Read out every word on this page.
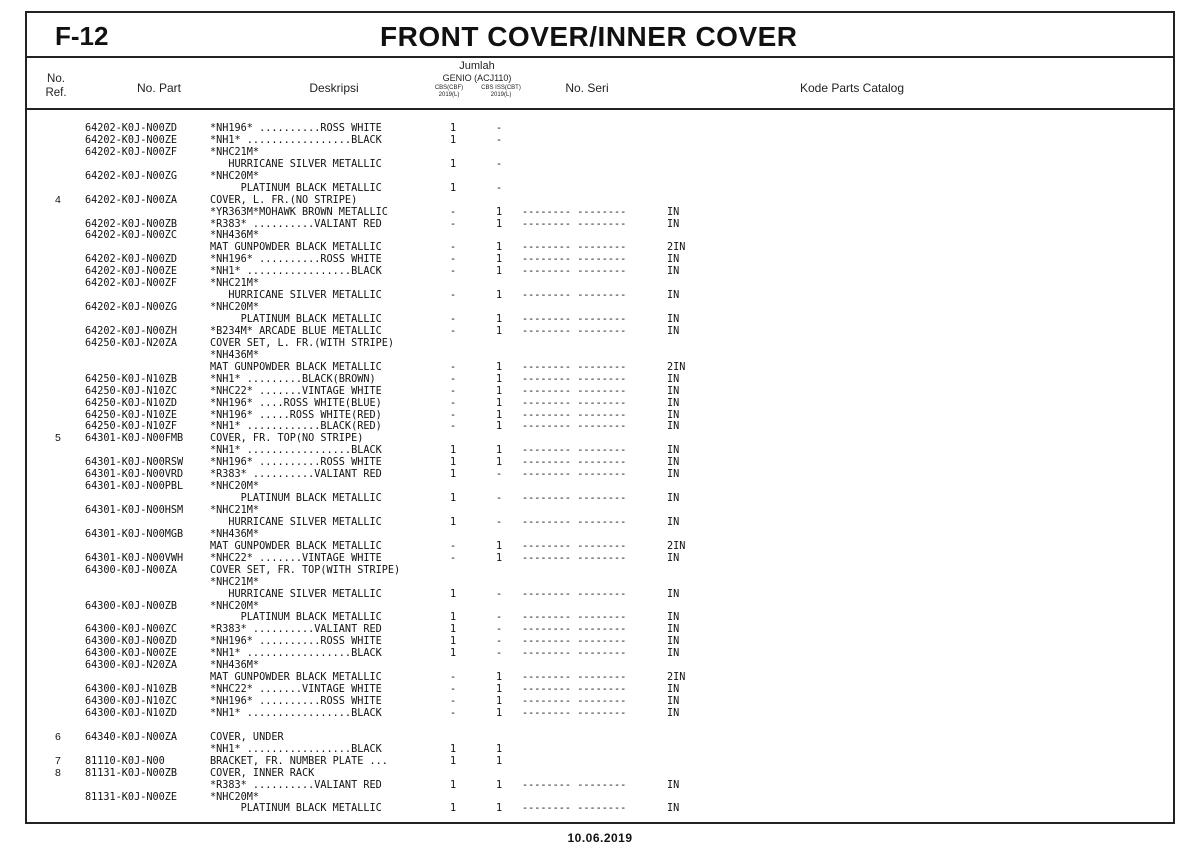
F-12	FRONT COVER/INNER COVER
No.
Ref.	No. Part	Deskripsi
Jumlah
GENIO (ACJ110)
CBS(CBF)	CBS ISS(CBT)
2019(L)	2019(L)	No. Seri	Kode Parts Catalog
64202-K0J-N00ZD	*NH196* ..........ROSS WHITE	1	-
64202-K0J-N00ZE	*NH1* .................BLACK	1	-
64202-K0J-N00ZF	*NHC21M*
HURRICANE SILVER METALLIC	1	-
64202-K0J-N00ZG	*NHC20M*
PLATINUM BLACK METALLIC	1	-
4 64202-K0J-N00ZA	COVER, L. FR.(NO STRIPE)
*YR363M*MOHAWK BROWN METALLIC	-	1 -------- --------	IN
64202-K0J-N00ZB	*R383* ..........VALIANT RED	-	1 -------- --------	IN
64202-K0J-N00ZC	*NH436M*
MAT GUNPOWDER BLACK METALLIC	-	1 -------- --------	2IN
64202-K0J-N00ZD	*NH196* ..........ROSS WHITE	-	1 -------- --------	IN
64202-K0J-N00ZE	*NH1* .................BLACK	-	1 -------- --------	IN
64202-K0J-N00ZF	*NHC21M*
HURRICANE SILVER METALLIC	-	1 -------- --------	IN
64202-K0J-N00ZG	*NHC20M*
PLATINUM BLACK METALLIC	-	1 -------- --------	IN
64202-K0J-N00ZH	*B234M* ARCADE BLUE METALLIC	-	1 -------- --------	IN
64250-K0J-N20ZA	COVER SET, L. FR.(WITH STRIPE)
*NH436M*
MAT GUNPOWDER BLACK METALLIC	-	1 -------- --------	2IN
64250-K0J-N10ZB	*NH1* .........BLACK(BROWN)	-	1 -------- --------	IN
64250-K0J-N10ZC	*NHC22* .......VINTAGE WHITE	-	1 -------- --------	IN
64250-K0J-N10ZD	*NH196* ....ROSS WHITE(BLUE)	-	1 -------- --------	IN
64250-K0J-N10ZE	*NH196* .....ROSS WHITE(RED)	-	1 -------- --------	IN
64250-K0J-N10ZF	*NH1* ............BLACK(RED)	-	1 -------- --------	IN
5 64301-K0J-N00FMB	COVER, FR. TOP(NO STRIPE)
*NH1* .................BLACK	1	1 -------- --------	IN
64301-K0J-N00RSW	*NH196* ..........ROSS WHITE	1	1 -------- --------	IN
64301-K0J-N00VRD	*R383* ..........VALIANT RED	1	- -------- --------	IN
64301-K0J-N00PBL	*NHC20M*
PLATINUM BLACK METALLIC	1	- -------- --------	IN
64301-K0J-N00HSM	*NHC21M*
HURRICANE SILVER METALLIC	1	- -------- --------	IN
64301-K0J-N00MGB	*NH436M*
MAT GUNPOWDER BLACK METALLIC	-	1 -------- --------	2IN
64301-K0J-N00VWH	*NHC22* .......VINTAGE WHITE	-	1 -------- --------	IN
64300-K0J-N00ZA	COVER SET, FR. TOP(WITH STRIPE)
*NHC21M*
HURRICANE SILVER METALLIC	1	- -------- --------	IN
64300-K0J-N00ZB	*NHC20M*
PLATINUM BLACK METALLIC	1	- -------- --------	IN
64300-K0J-N00ZC	*R383* ..........VALIANT RED	1	- -------- --------	IN
64300-K0J-N00ZD	*NH196* ..........ROSS WHITE	1	- -------- --------	IN
64300-K0J-N00ZE	*NH1* .................BLACK	1	- -------- --------	IN
64300-K0J-N20ZA	*NH436M*
MAT GUNPOWDER BLACK METALLIC	-	1 -------- --------	2IN
64300-K0J-N10ZB	*NHC22* .......VINTAGE WHITE	-	1 -------- --------	IN
64300-K0J-N10ZC	*NH196* ..........ROSS WHITE	-	1 -------- --------	IN
64300-K0J-N10ZD	*NH1* .................BLACK	-	1 -------- --------	IN
6 64340-K0J-N00ZA	COVER, UNDER
*NH1* .................BLACK	1	1
7 81110-K0J-N00	BRACKET, FR. NUMBER PLATE ...	1	1
8 81131-K0J-N00ZB	COVER, INNER RACK
*R383* ..........VALIANT RED	1	1 -------- --------	IN
81131-K0J-N00ZE	*NHC20M*
PLATINUM BLACK METALLIC	1	1 -------- --------	IN
10.06.2019
